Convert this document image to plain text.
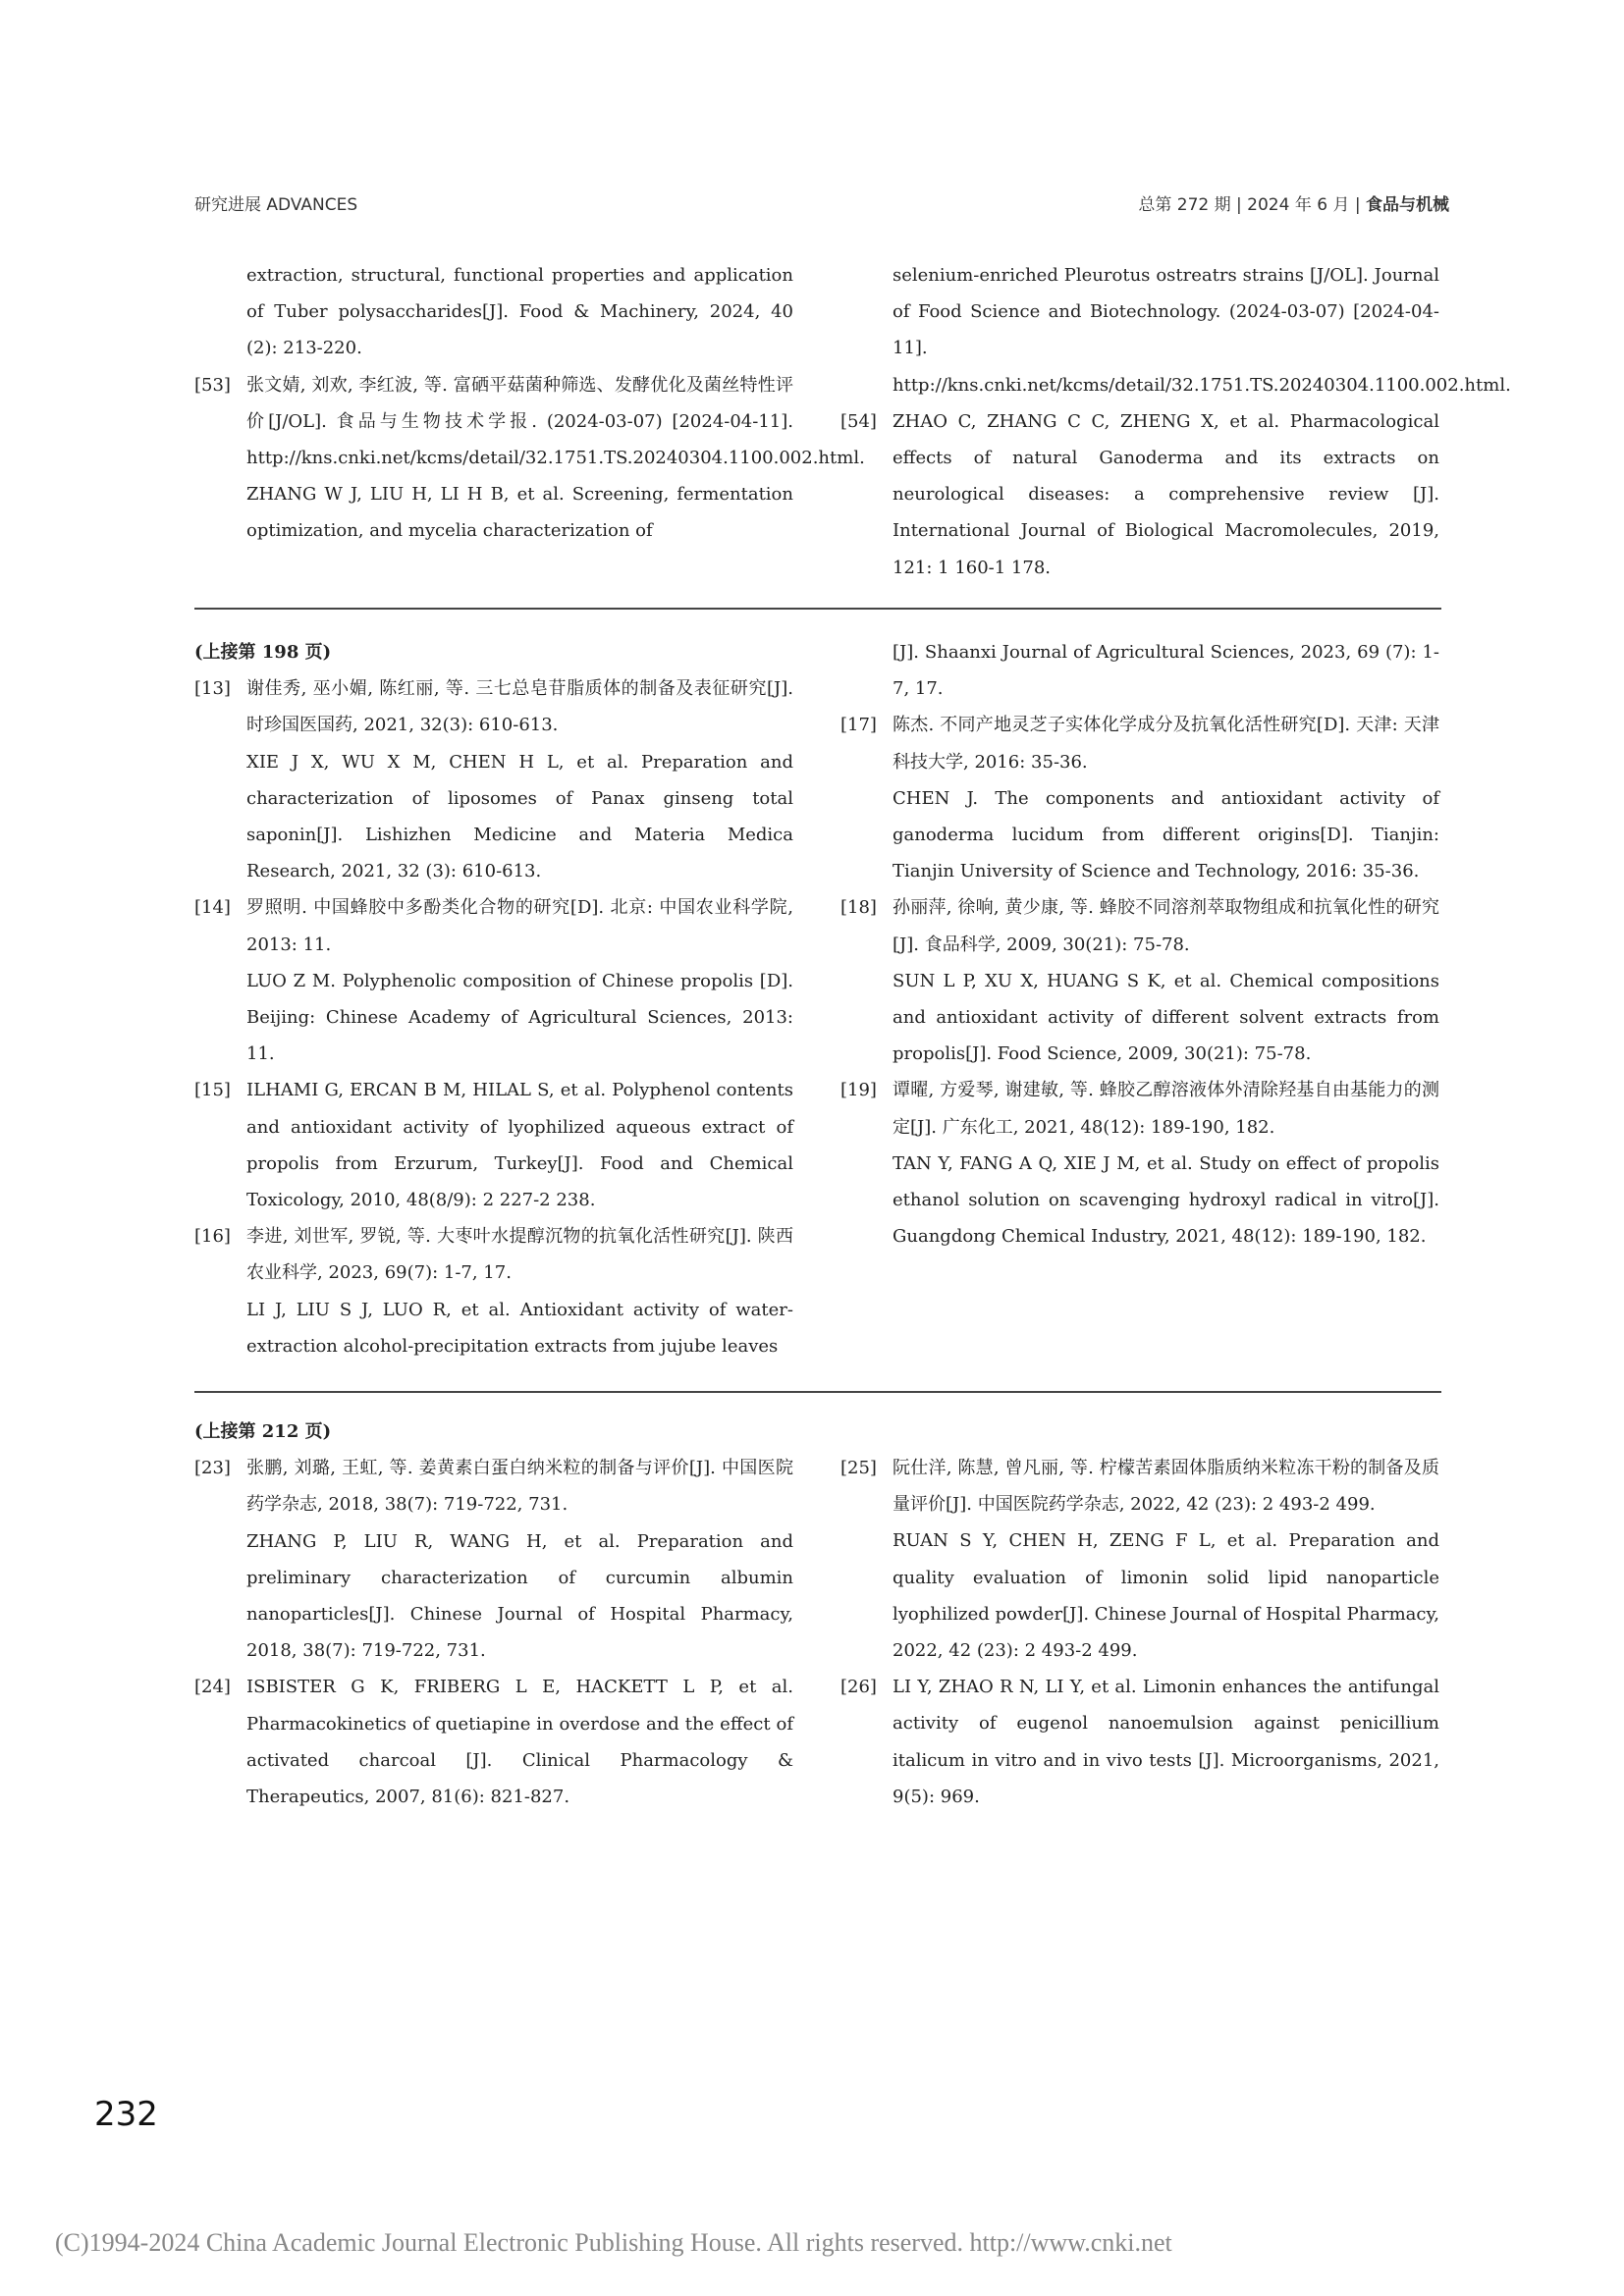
研究进展 ADVANCES	总第 272 期 | 2024 年 6 月 | 食品与机械
extraction, structural, functional properties and application of Tuber polysaccharides[J]. Food & Machinery, 2024, 40 (2): 213-220.
[53] 张文婧, 刘欢, 李红波, 等. 富硒平菇菌种筛选、发酵优化及菌丝特性评价[J/OL]. 食品与生物技术学报. (2024-03-07) [2024-04-11]. http://kns.cnki.net/kcms/detail/32.1751.TS.20240304.1100.002.html.
ZHANG W J, LIU H, LI H B, et al. Screening, fermentation optimization, and mycelia characterization of
selenium-enriched Pleurotus ostreatrs strains [J/OL]. Journal of Food Science and Biotechnology. (2024-03-07) [2024-04-11]. http://kns.cnki.net/kcms/detail/32.1751.TS.20240304.1100.002.html.
[54] ZHAO C, ZHANG C C, ZHENG X, et al. Pharmacological effects of natural Ganoderma and its extracts on neurological diseases: a comprehensive review [J]. International Journal of Biological Macromolecules, 2019, 121: 1 160-1 178.
(上接第 198 页)
[13] 谢佳秀, 巫小媚, 陈红丽, 等. 三七总皂苷脂质体的制备及表征研究[J]. 时珍国医国药, 2021, 32(3): 610-613.
XIE J X, WU X M, CHEN H L, et al. Preparation and characterization of liposomes of Panax ginseng total saponin[J]. Lishizhen Medicine and Materia Medica Research, 2021, 32 (3): 610-613.
[14] 罗照明. 中国蜂胶中多酚类化合物的研究[D]. 北京: 中国农业科学院, 2013: 11.
LUO Z M. Polyphenolic composition of Chinese propolis [D]. Beijing: Chinese Academy of Agricultural Sciences, 2013: 11.
[15] ILHAMI G, ERCAN B M, HILAL S, et al. Polyphenol contents and antioxidant activity of lyophilized aqueous extract of propolis from Erzurum, Turkey[J]. Food and Chemical Toxicology, 2010, 48(8/9): 2 227-2 238.
[16] 李进, 刘世军, 罗锐, 等. 大枣叶水提醇沉物的抗氧化活性研究[J]. 陕西农业科学, 2023, 69(7): 1-7, 17.
LI J, LIU S J, LUO R, et al. Antioxidant activity of water-extraction alcohol-precipitation extracts from jujube leaves
[J]. Shaanxi Journal of Agricultural Sciences, 2023, 69 (7): 1-7, 17.
[17] 陈杰. 不同产地灵芝子实体化学成分及抗氧化活性研究[D]. 天津: 天津科技大学, 2016: 35-36.
CHEN J. The components and antioxidant activity of ganoderma lucidum from different origins[D]. Tianjin: Tianjin University of Science and Technology, 2016: 35-36.
[18] 孙丽萍, 徐响, 黄少康, 等. 蜂胶不同溶剂萃取物组成和抗氧化性的研究[J]. 食品科学, 2009, 30(21): 75-78.
SUN L P, XU X, HUANG S K, et al. Chemical compositions and antioxidant activity of different solvent extracts from propolis[J]. Food Science, 2009, 30(21): 75-78.
[19] 谭曜, 方爱琴, 谢建敏, 等. 蜂胶乙醇溶液体外清除羟基自由基能力的测定[J]. 广东化工, 2021, 48(12): 189-190, 182.
TAN Y, FANG A Q, XIE J M, et al. Study on effect of propolis ethanol solution on scavenging hydroxyl radical in vitro[J]. Guangdong Chemical Industry, 2021, 48(12): 189-190, 182.
(上接第 212 页)
[23] 张鹏, 刘璐, 王虹, 等. 姜黄素白蛋白纳米粒的制备与评价[J]. 中国医院药学杂志, 2018, 38(7): 719-722, 731.
ZHANG P, LIU R, WANG H, et al. Preparation and preliminary characterization of curcumin albumin nanoparticles[J]. Chinese Journal of Hospital Pharmacy, 2018, 38(7): 719-722, 731.
[24] ISBISTER G K, FRIBERG L E, HACKETT L P, et al. Pharmacokinetics of quetiapine in overdose and the effect of activated charcoal [J]. Clinical Pharmacology & Therapeutics, 2007, 81(6): 821-827.
[25] 阮仕洋, 陈慧, 曾凡丽, 等. 柠檬苦素固体脂质纳米粒冻干粉的制备及质量评价[J]. 中国医院药学杂志, 2022, 42 (23): 2 493-2 499.
RUAN S Y, CHEN H, ZENG F L, et al. Preparation and quality evaluation of limonin solid lipid nanoparticle lyophilized powder[J]. Chinese Journal of Hospital Pharmacy, 2022, 42 (23): 2 493-2 499.
[26] LI Y, ZHAO R N, LI Y, et al. Limonin enhances the antifungal activity of eugenol nanoemulsion against penicillium italicum in vitro and in vivo tests [J]. Microorganisms, 2021, 9(5): 969.
232
(C)1994-2024 China Academic Journal Electronic Publishing House. All rights reserved. http://www.cnki.net
